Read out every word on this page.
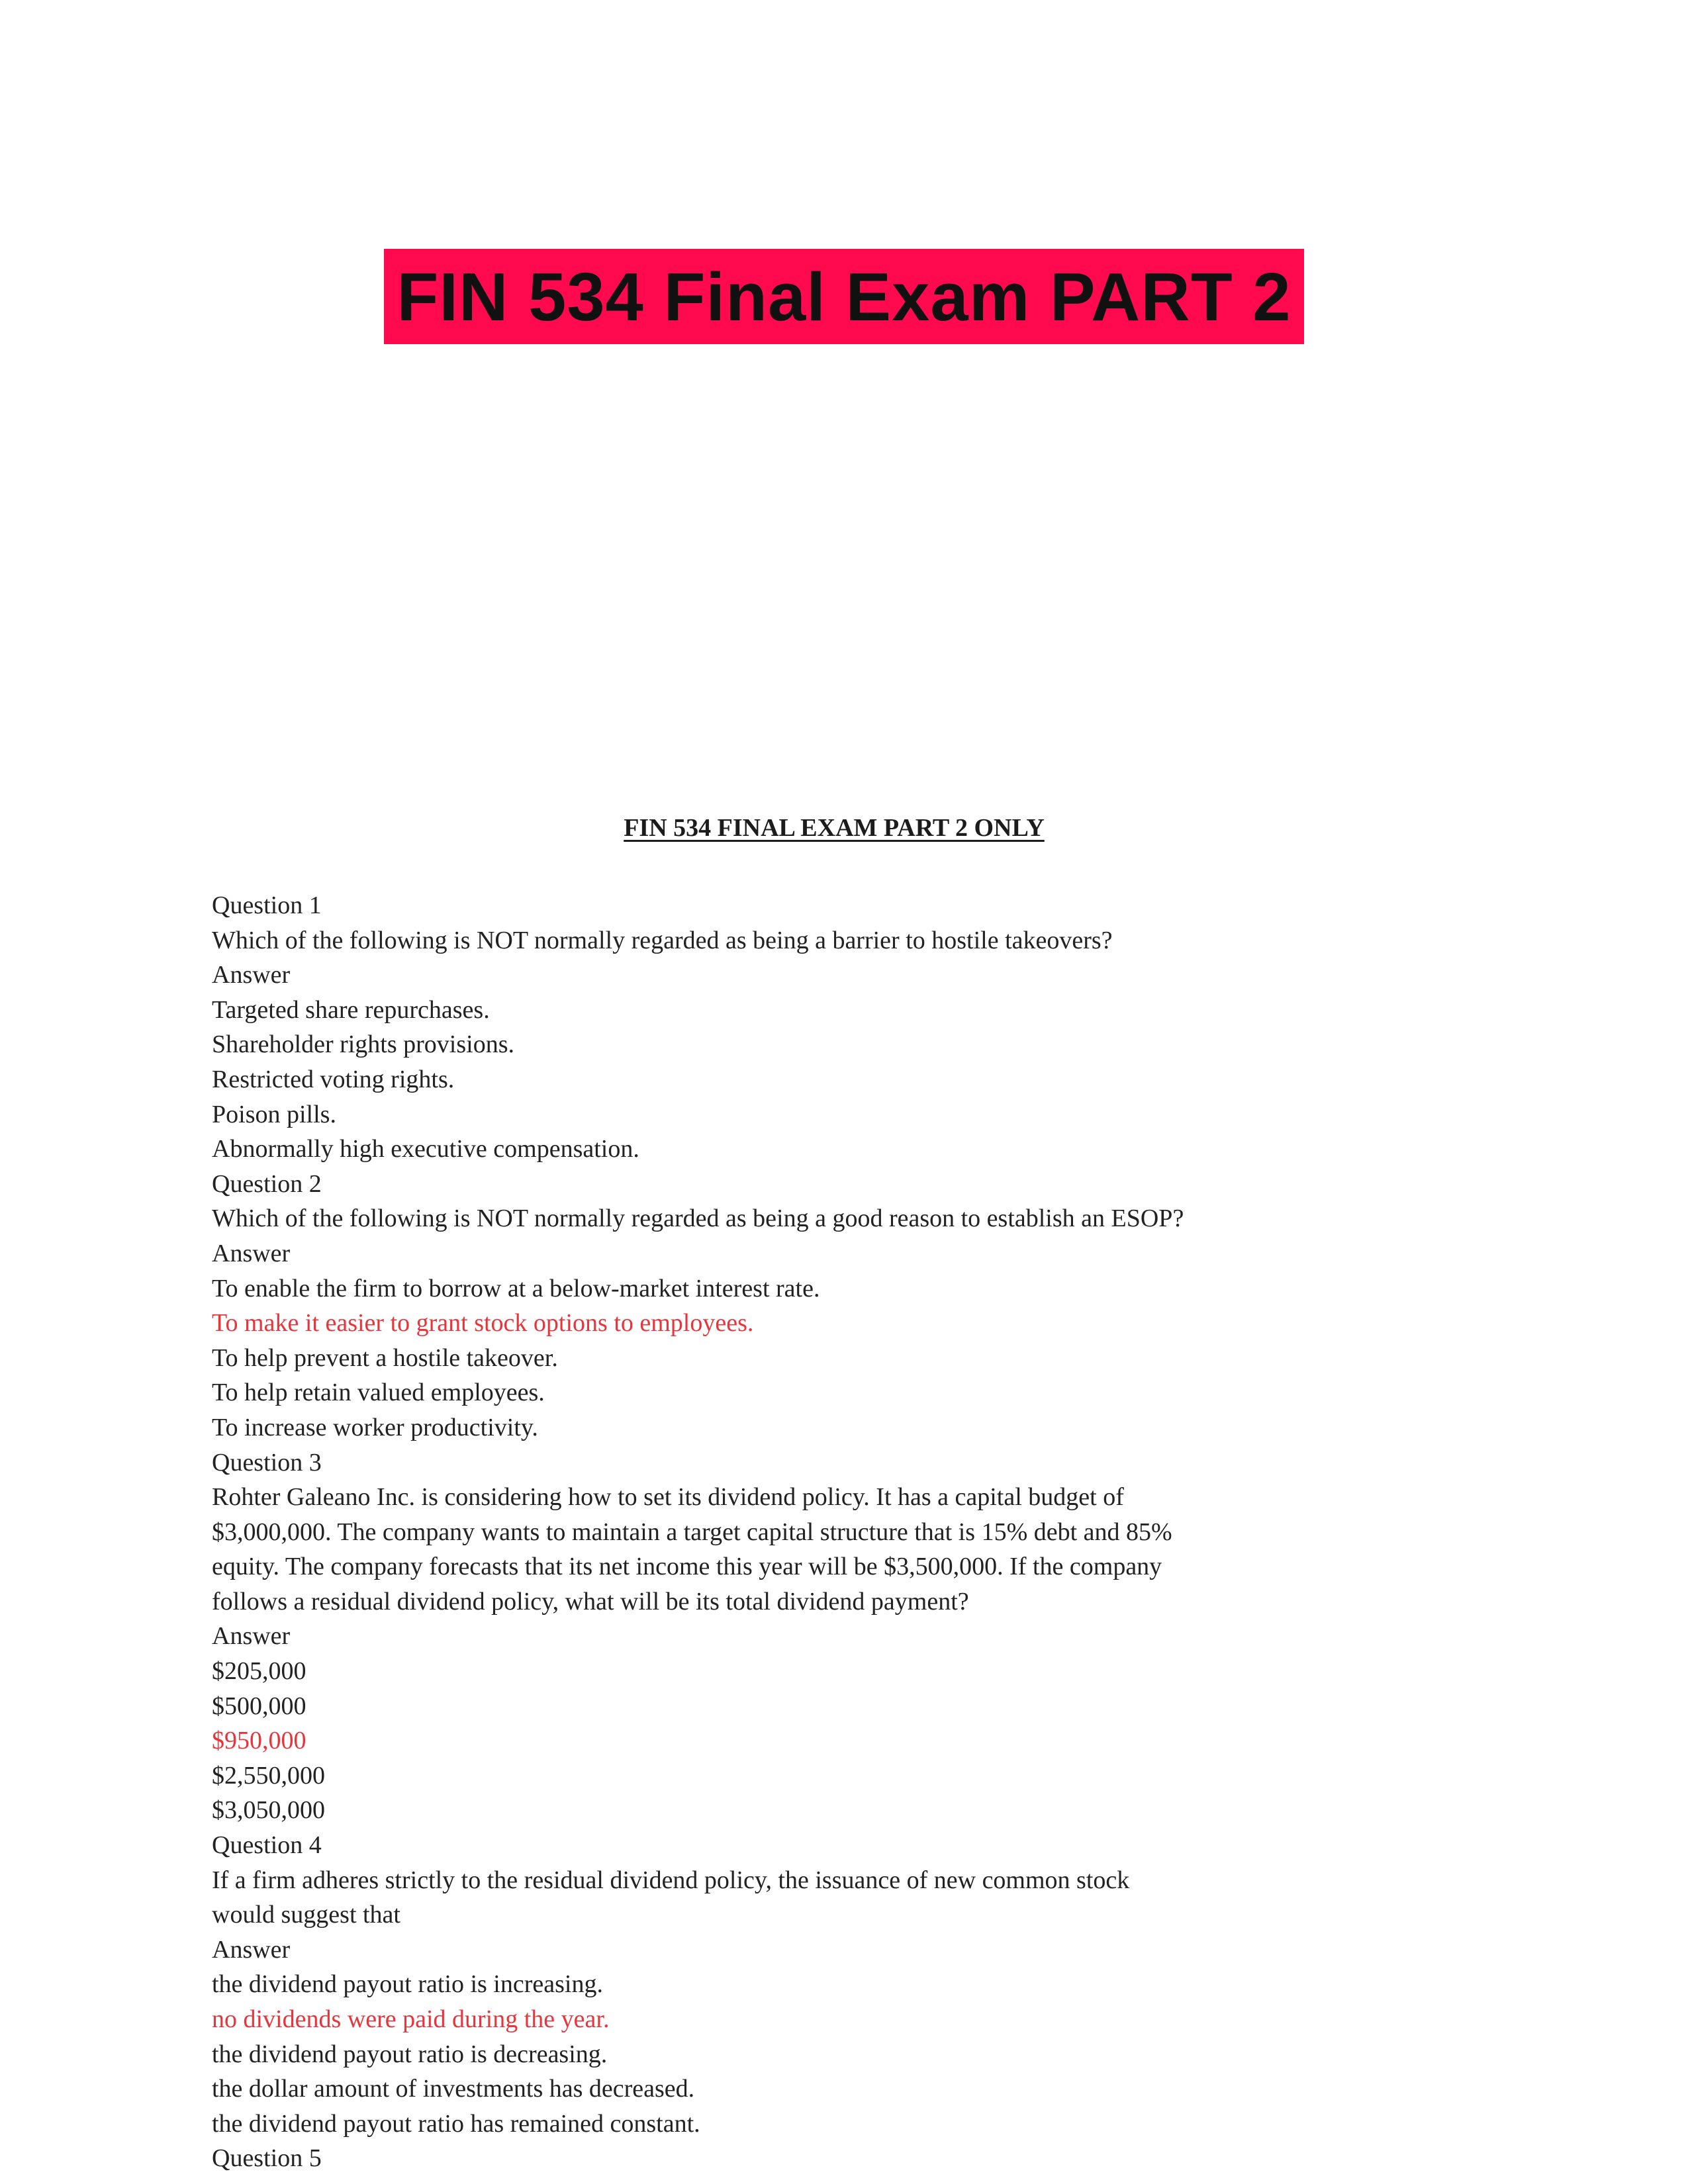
FIN 534 Final Exam PART 2
FIN 534 FINAL EXAM PART 2 ONLY
Question 1
Which of the following is NOT normally regarded as being a barrier to hostile takeovers?
Answer
Targeted share repurchases.
Shareholder rights provisions.
Restricted voting rights.
Poison pills.
Abnormally high executive compensation.
Question 2
Which of the following is NOT normally regarded as being a good reason to establish an ESOP?
Answer
To enable the firm to borrow at a below-market interest rate.
To make it easier to grant stock options to employees.
To help prevent a hostile takeover.
To help retain valued employees.
To increase worker productivity.
Question 3
Rohter Galeano Inc. is considering how to set its dividend policy. It has a capital budget of
$3,000,000. The company wants to maintain a target capital structure that is 15% debt and 85%
equity. The company forecasts that its net income this year will be $3,500,000. If the company
follows a residual dividend policy, what will be its total dividend payment?
Answer
$205,000
$500,000
$950,000
$2,550,000
$3,050,000
Question 4
If a firm adheres strictly to the residual dividend policy, the issuance of new common stock
would suggest that
Answer
the dividend payout ratio is increasing.
no dividends were paid during the year.
the dividend payout ratio is decreasing.
the dollar amount of investments has decreased.
the dividend payout ratio has remained constant.
Question 5
